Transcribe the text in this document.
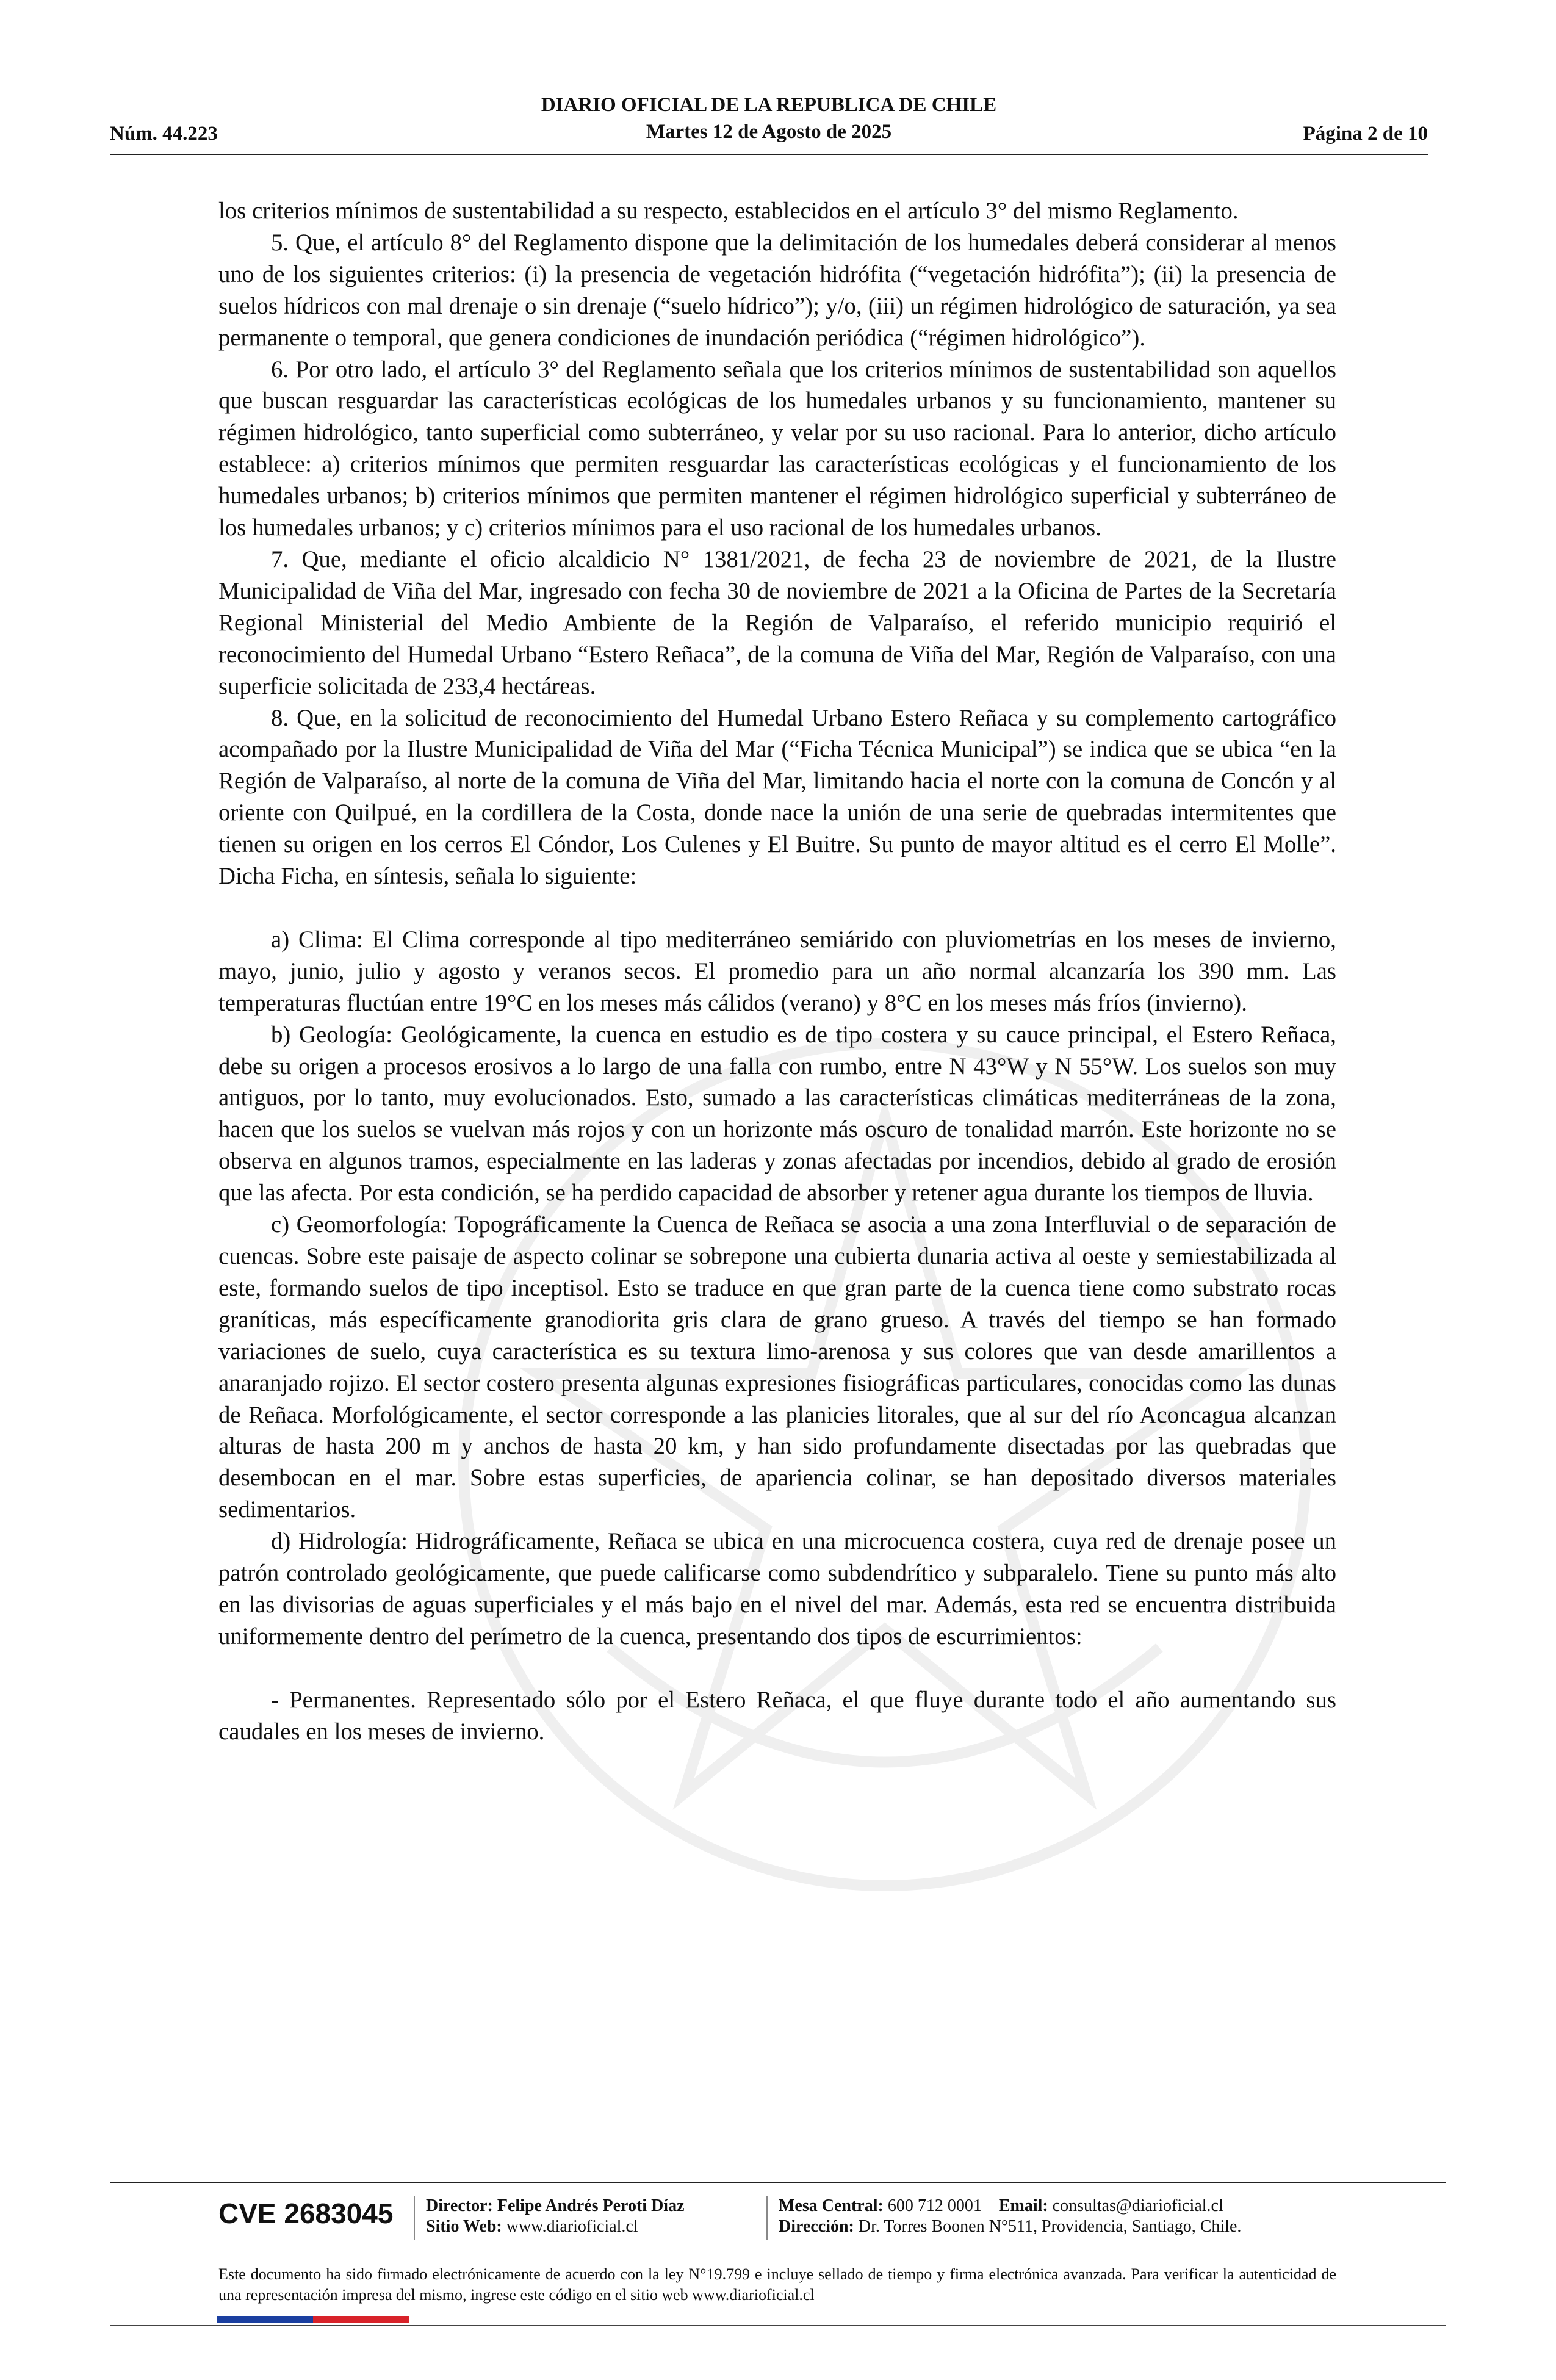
DIARIO OFICIAL DE LA REPUBLICA DE CHILE
Martes 12 de Agosto de 2025
Núm. 44.223	Página 2 de 10

los criterios mínimos de sustentabilidad a su respecto, establecidos en el artículo 3° del mismo Reglamento.

5. Que, el artículo 8° del Reglamento dispone que la delimitación de los humedales deberá considerar al menos uno de los siguientes criterios: (i) la presencia de vegetación hidrófita (“vegetación hidrófita”); (ii) la presencia de suelos hídricos con mal drenaje o sin drenaje (“suelo hídrico”); y/o, (iii) un régimen hidrológico de saturación, ya sea permanente o temporal, que genera condiciones de inundación periódica (“régimen hidrológico”).

6. Por otro lado, el artículo 3° del Reglamento señala que los criterios mínimos de sustentabilidad son aquellos que buscan resguardar las características ecológicas de los humedales urbanos y su funcionamiento, mantener su régimen hidrológico, tanto superficial como subterráneo, y velar por su uso racional. Para lo anterior, dicho artículo establece: a) criterios mínimos que permiten resguardar las características ecológicas y el funcionamiento de los humedales urbanos; b) criterios mínimos que permiten mantener el régimen hidrológico superficial y subterráneo de los humedales urbanos; y c) criterios mínimos para el uso racional de los humedales urbanos.

7. Que, mediante el oficio alcaldicio N° 1381/2021, de fecha 23 de noviembre de 2021, de la Ilustre Municipalidad de Viña del Mar, ingresado con fecha 30 de noviembre de 2021 a la Oficina de Partes de la Secretaría Regional Ministerial del Medio Ambiente de la Región de Valparaíso, el referido municipio requirió el reconocimiento del Humedal Urbano “Estero Reñaca”, de la comuna de Viña del Mar, Región de Valparaíso, con una superficie solicitada de 233,4 hectáreas.

8. Que, en la solicitud de reconocimiento del Humedal Urbano Estero Reñaca y su complemento cartográfico acompañado por la Ilustre Municipalidad de Viña del Mar (“Ficha Técnica Municipal”) se indica que se ubica “en la Región de Valparaíso, al norte de la comuna de Viña del Mar, limitando hacia el norte con la comuna de Concón y al oriente con Quilpué, en la cordillera de la Costa, donde nace la unión de una serie de quebradas intermitentes que tienen su origen en los cerros El Cóndor, Los Culenes y El Buitre. Su punto de mayor altitud es el cerro El Molle”. Dicha Ficha, en síntesis, señala lo siguiente:

a) Clima: El Clima corresponde al tipo mediterráneo semiárido con pluviometrías en los meses de invierno, mayo, junio, julio y agosto y veranos secos. El promedio para un año normal alcanzaría los 390 mm. Las temperaturas fluctúan entre 19°C en los meses más cálidos (verano) y 8°C en los meses más fríos (invierno).

b) Geología: Geológicamente, la cuenca en estudio es de tipo costera y su cauce principal, el Estero Reñaca, debe su origen a procesos erosivos a lo largo de una falla con rumbo, entre N 43°W y N 55°W. Los suelos son muy antiguos, por lo tanto, muy evolucionados. Esto, sumado a las características climáticas mediterráneas de la zona, hacen que los suelos se vuelvan más rojos y con un horizonte más oscuro de tonalidad marrón. Este horizonte no se observa en algunos tramos, especialmente en las laderas y zonas afectadas por incendios, debido al grado de erosión que las afecta. Por esta condición, se ha perdido capacidad de absorber y retener agua durante los tiempos de lluvia.

c) Geomorfología: Topográficamente la Cuenca de Reñaca se asocia a una zona Interfluvial o de separación de cuencas. Sobre este paisaje de aspecto colinar se sobrepone una cubierta dunaria activa al oeste y semiestabilizada al este, formando suelos de tipo inceptisol. Esto se traduce en que gran parte de la cuenca tiene como substrato rocas graníticas, más específicamente granodiorita gris clara de grano grueso. A través del tiempo se han formado variaciones de suelo, cuya característica es su textura limo-arenosa y sus colores que van desde amarillentos a anaranjado rojizo. El sector costero presenta algunas expresiones fisiográficas particulares, conocidas como las dunas de Reñaca. Morfológicamente, el sector corresponde a las planicies litorales, que al sur del río Aconcagua alcanzan alturas de hasta 200 m y anchos de hasta 20 km, y han sido profundamente disectadas por las quebradas que desembocan en el mar. Sobre estas superficies, de apariencia colinar, se han depositado diversos materiales sedimentarios.

d) Hidrología: Hidrográficamente, Reñaca se ubica en una microcuenca costera, cuya red de drenaje posee un patrón controlado geológicamente, que puede calificarse como subdendrítico y subparalelo. Tiene su punto más alto en las divisorias de aguas superficiales y el más bajo en el nivel del mar. Además, esta red se encuentra distribuida uniformemente dentro del perímetro de la cuenca, presentando dos tipos de escurrimientos:

- Permanentes. Representado sólo por el Estero Reñaca, el que fluye durante todo el año aumentando sus caudales en los meses de invierno.

CVE 2683045 Director: Felipe Andrés Peroti Díaz
Sitio Web: www.diarioficial.cl
Mesa Central: 600 712 0001 Email: consultas@diarioficial.cl
Dirección: Dr. Torres Boonen N°511, Providencia, Santiago, Chile.
Este documento ha sido firmado electrónicamente de acuerdo con la ley N°19.799 e incluye sellado de tiempo y firma electrónica avanzada. Para verificar la autenticidad de una representación impresa del mismo, ingrese este código en el sitio web www.diarioficial.cl
